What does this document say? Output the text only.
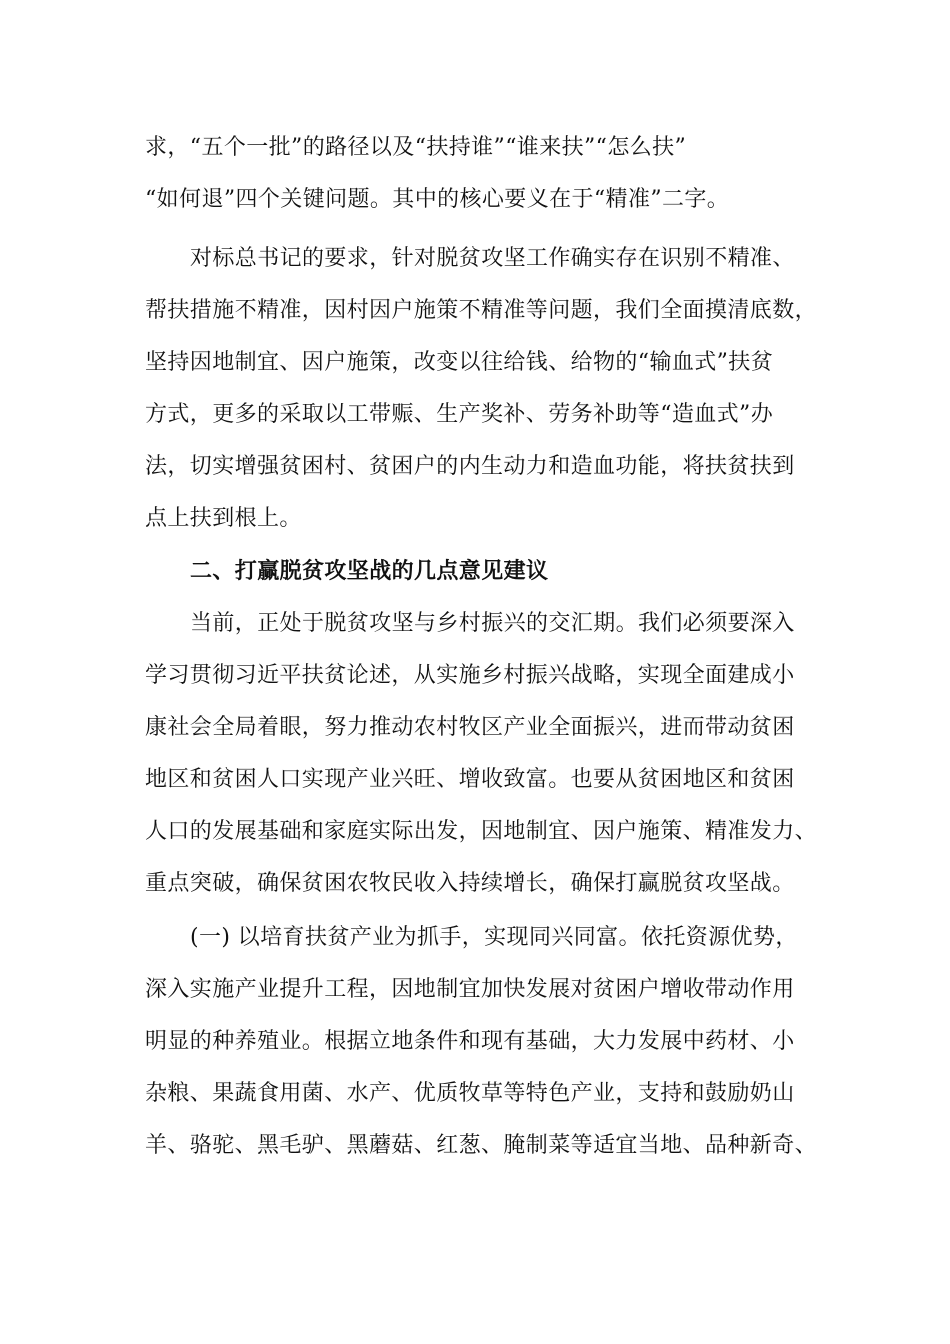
求，“五个一批”的路径以及“扶持谁”“谁来扶”“怎么扶”
“如何退”四个关键问题。其中的核心要义在于“精准”二字。
对标总书记的要求，针对脱贫攻坚工作确实存在识别不精准、
帮扶措施不精准，因村因户施策不精准等问题，我们全面摸清底数，
坚持因地制宜、因户施策，改变以往给钱、给物的“输血式”扶贫
方式，更多的采取以工带赈、生产奖补、劳务补助等“造血式”办
法，切实增强贫困村、贫困户的内生动力和造血功能，将扶贫扶到
点上扶到根上。
二、打赢脱贫攻坚战的几点意见建议
当前，正处于脱贫攻坚与乡村振兴的交汇期。我们必须要深入
学习贯彻习近平扶贫论述，从实施乡村振兴战略，实现全面建成小
康社会全局着眼，努力推动农村牧区产业全面振兴，进而带动贫困
地区和贫困人口实现产业兴旺、增收致富。也要从贫困地区和贫困
人口的发展基础和家庭实际出发，因地制宜、因户施策、精准发力、
重点突破，确保贫困农牧民收入持续增长，确保打赢脱贫攻坚战。
(一) 以培育扶贫产业为抓手，实现同兴同富。依托资源优势，
深入实施产业提升工程，因地制宜加快发展对贫困户增收带动作用
明显的种养殖业。根据立地条件和现有基础，大力发展中药材、小
杂粮、果蔬食用菌、水产、优质牧草等特色产业，支持和鼓励奶山
羊、骆驼、黑毛驴、黑蘑菇、红葱、腌制菜等适宜当地、品种新奇、
